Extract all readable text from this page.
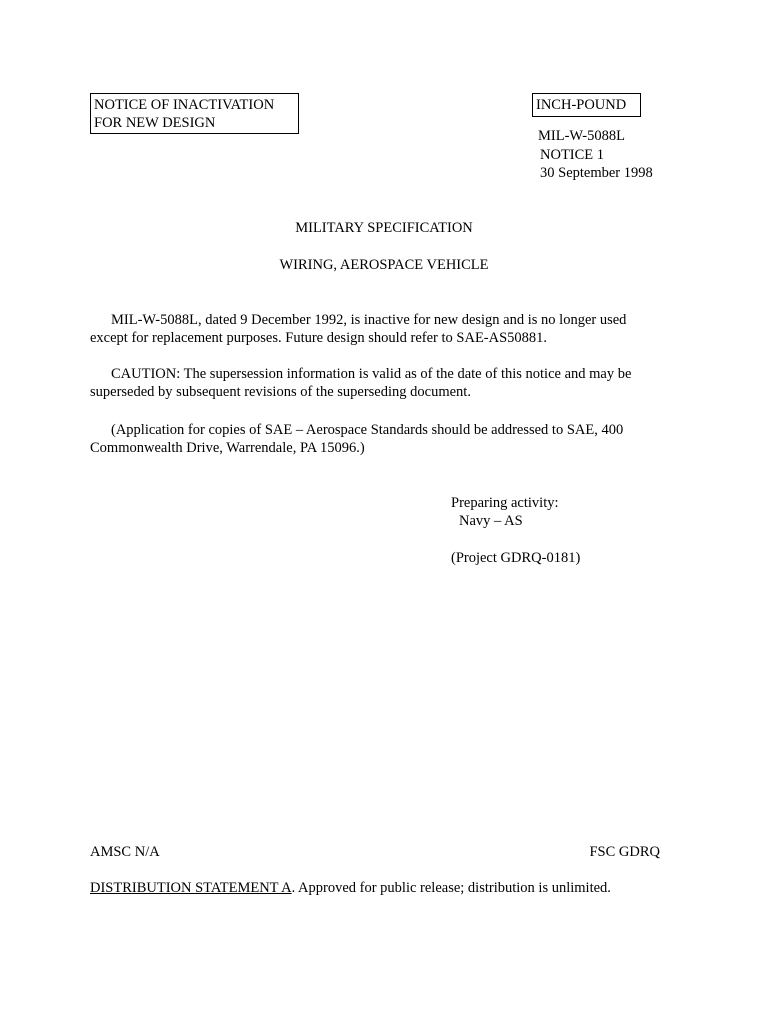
NOTICE OF INACTIVATION
FOR NEW DESIGN
INCH-POUND
MIL-W-5088L
NOTICE 1
30 September 1998
MILITARY SPECIFICATION
WIRING, AEROSPACE VEHICLE
MIL-W-5088L, dated 9 December 1992, is inactive for new design and is no longer used
except for replacement purposes. Future design should refer to SAE-AS50881.
CAUTION: The supersession information is valid as of the date of this notice and may be
superseded by subsequent revisions of the superseding document.
(Application for copies of SAE – Aerospace Standards should be addressed to SAE, 400
Commonwealth Drive, Warrendale, PA 15096.)
Preparing activity:
Navy – AS
(Project GDRQ-0181)
AMSC N/A	FSC GDRQ
DISTRIBUTION STATEMENT A. Approved for public release; distribution is unlimited.
